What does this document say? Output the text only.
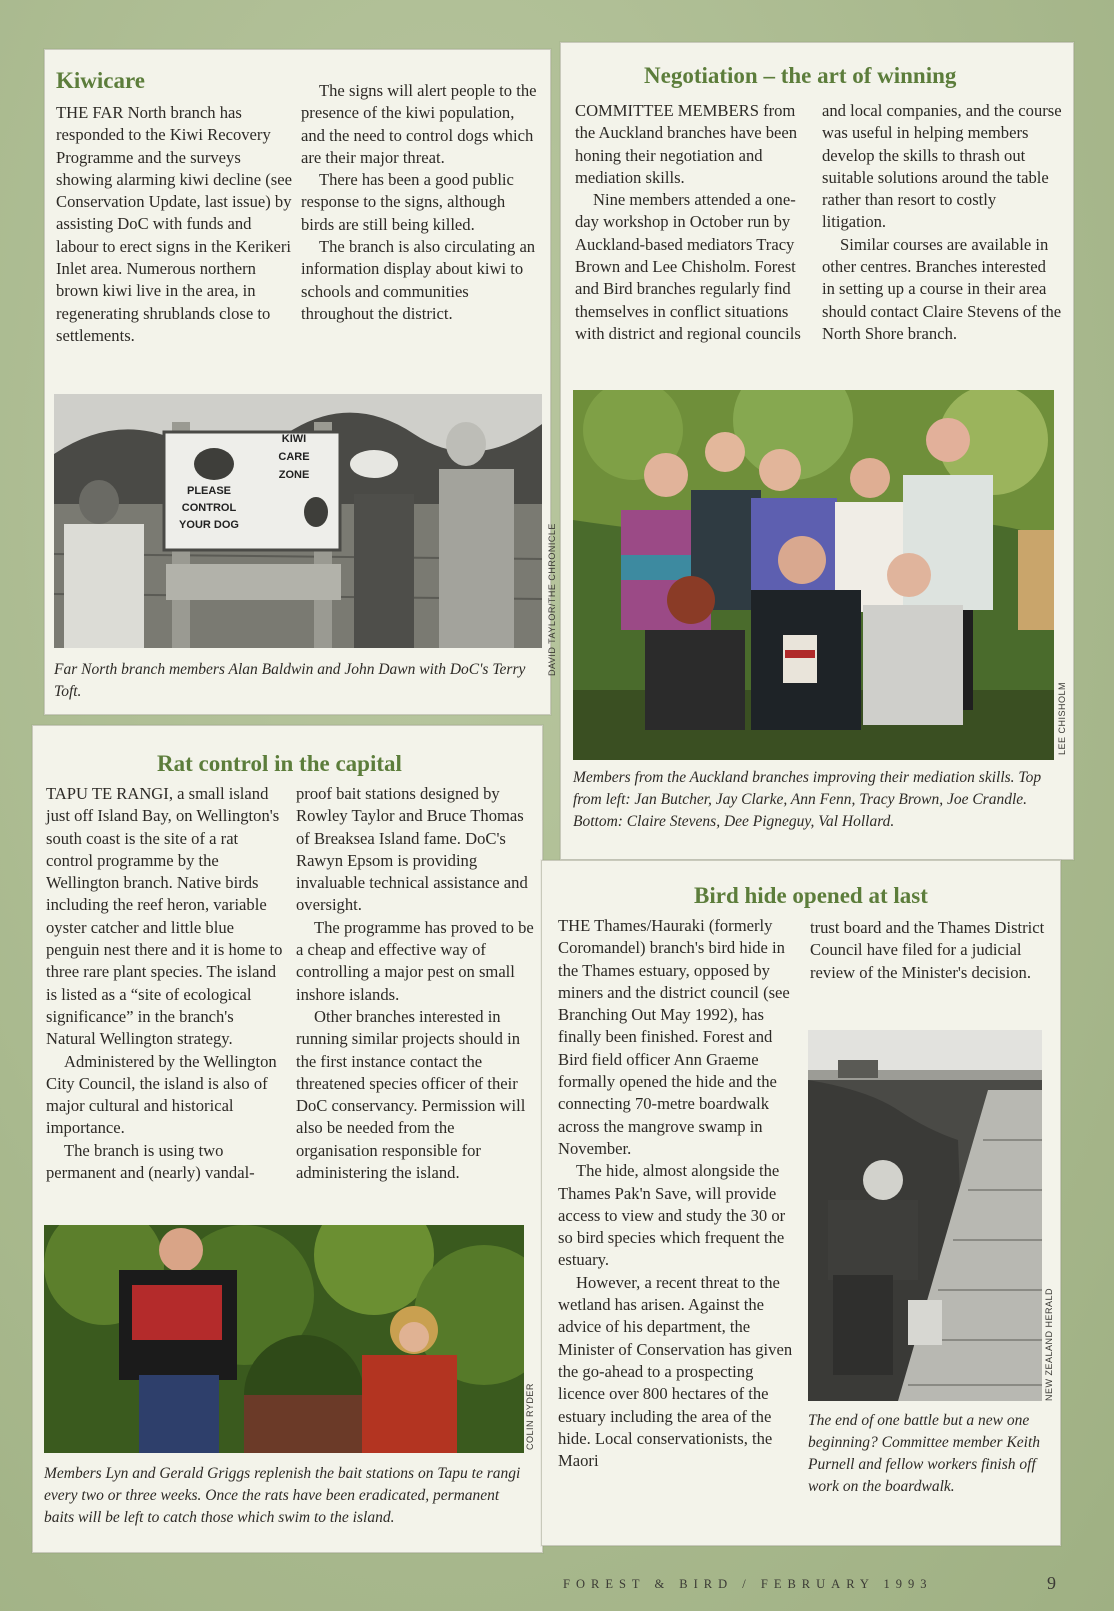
Kiwicare

THE FAR North branch has responded to the Kiwi Recovery Programme and the surveys showing alarming kiwi decline (see Conservation Update, last issue) by assisting DoC with funds and labour to erect signs in the Kerikeri Inlet area. Numerous northern brown kiwi live in the area, in regenerating shrublands close to settlements.

The signs will alert people to the presence of the kiwi population, and the need to control dogs which are their major threat.

There has been a good public response to the signs, although birds are still being killed.

The branch is also circulating an information display about kiwi to schools and communities throughout the district.

KIWI
CARE
ZONE
PLEASE
CONTROL
YOUR DOG	DAVID TAYLOR/THE CHRONICLE
Far North branch members Alan Baldwin and John Dawn with DoC's Terry Toft.
Negotiation – the art of winning

COMMITTEE MEMBERS from the Auckland branches have been honing their negotiation and mediation skills.

Nine members attended a one-day workshop in October run by Auckland-based mediators Tracy Brown and Lee Chisholm. Forest and Bird branches regularly find themselves in conflict situations with district and regional councils

and local companies, and the course was useful in helping members develop the skills to thrash out suitable solutions around the table rather than resort to costly litigation.

Similar courses are available in other centres. Branches interested in setting up a course in their area should contact Claire Stevens of the North Shore branch.

LEE CHISHOLM
Members from the Auckland branches improving their mediation skills. Top from left: Jan Butcher, Jay Clarke, Ann Fenn, Tracy Brown, Joe Crandle. Bottom: Claire Stevens, Dee Pigneguy, Val Hollard.
Rat control in the capital

TAPU TE RANGI, a small island just off Island Bay, on Wellington's south coast is the site of a rat control programme by the Wellington branch. Native birds including the reef heron, variable oyster catcher and little blue penguin nest there and it is home to three rare plant species. The island is listed as a “site of ecological significance” in the branch's Natural Wellington strategy.

Administered by the Wellington City Council, the island is also of major cultural and historical importance.

The branch is using two permanent and (nearly) vandal-

proof bait stations designed by Rowley Taylor and Bruce Thomas of Breaksea Island fame. DoC's Rawyn Epsom is providing invaluable technical assistance and oversight.

The programme has proved to be a cheap and effective way of controlling a major pest on small inshore islands.

Other branches interested in running similar projects should in the first instance contact the threatened species officer of their DoC conservancy. Permission will also be needed from the organisation responsible for administering the island.

COLIN RYDER
Members Lyn and Gerald Griggs replenish the bait stations on Tapu te rangi every two or three weeks. Once the rats have been eradicated, permanent baits will be left to catch those which swim to the island.
Bird hide opened at last

THE Thames/Hauraki (formerly Coromandel) branch's bird hide in the Thames estuary, opposed by miners and the district council (see Branching Out May 1992), has finally been finished. Forest and Bird field officer Ann Graeme formally opened the hide and the connecting 70-metre boardwalk across the mangrove swamp in November.

The hide, almost alongside the Thames Pak'n Save, will provide access to view and study the 30 or so bird species which frequent the estuary.

However, a recent threat to the wetland has arisen. Against the advice of his department, the Minister of Conservation has given the go-ahead to a prospecting licence over 800 hectares of the estuary including the area of the hide. Local conservationists, the Maori

trust board and the Thames District Council have filed for a judicial review of the Minister's decision.

NEW ZEALAND HERALD
The end of one battle but a new one beginning? Committee member Keith Purnell and fellow workers finish off work on the boardwalk.
FOREST & BIRD / FEBRUARY 1993	9
